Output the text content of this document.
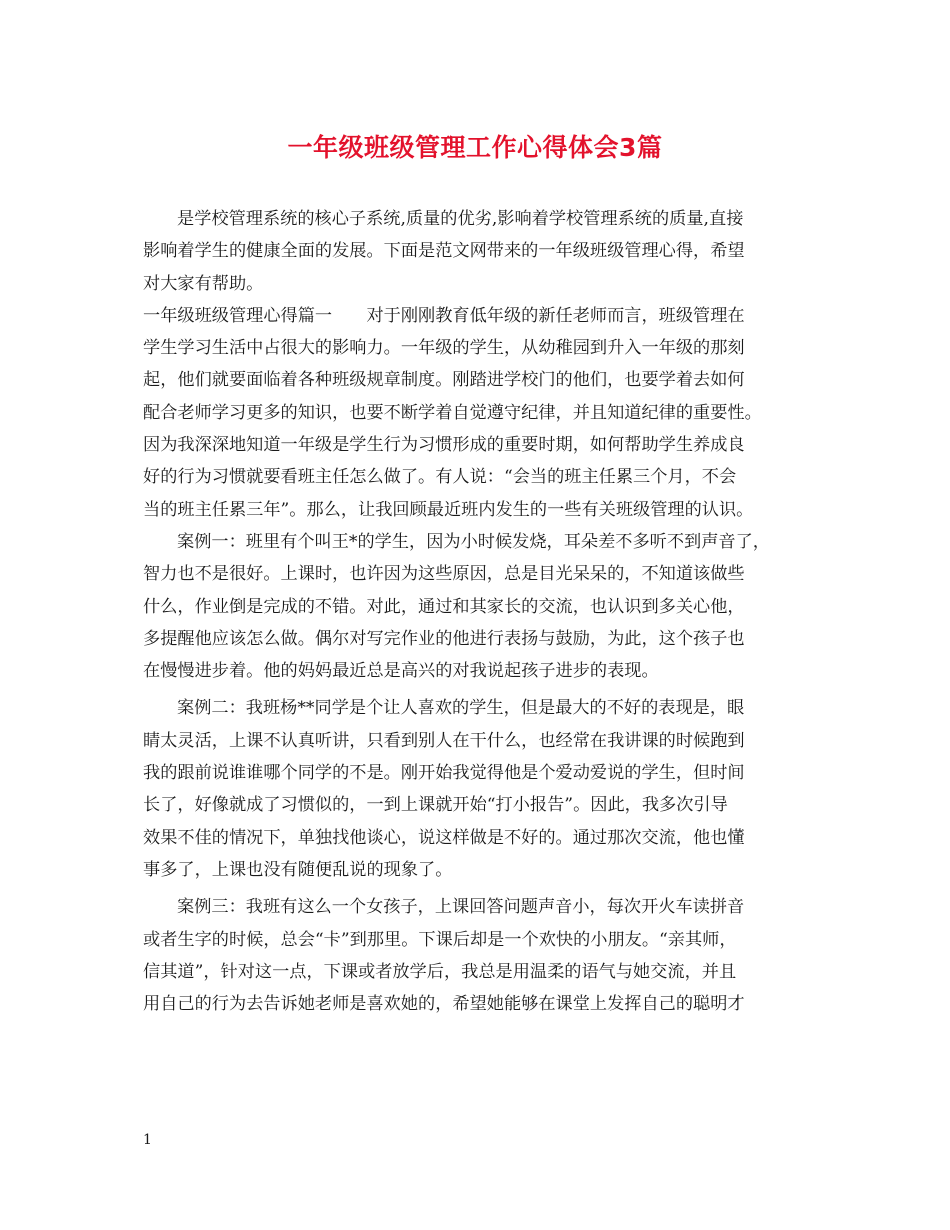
一年级班级管理工作心得体会3篇
是学校管理系统的核心子系统,质量的优劣,影响着学校管理系统的质量,直接
影响着学生的健康全面的发展。下面是范文网带来的一年级班级管理心得，希望
对大家有帮助。
一年级班级管理心得篇一　　对于刚刚教育低年级的新任老师而言，班级管理在
学生学习生活中占很大的影响力。一年级的学生，从幼稚园到升入一年级的那刻
起，他们就要面临着各种班级规章制度。刚踏进学校门的他们，也要学着去如何
配合老师学习更多的知识，也要不断学着自觉遵守纪律，并且知道纪律的重要性。
因为我深深地知道一年级是学生行为习惯形成的重要时期，如何帮助学生养成良
好的行为习惯就要看班主任怎么做了。有人说：“会当的班主任累三个月，不会
当的班主任累三年”。那么，让我回顾最近班内发生的一些有关班级管理的认识。
案例一：班里有个叫王*的学生，因为小时候发烧，耳朵差不多听不到声音了，
智力也不是很好。上课时，也许因为这些原因，总是目光呆呆的，不知道该做些
什么，作业倒是完成的不错。对此，通过和其家长的交流，也认识到多关心他，
多提醒他应该怎么做。偶尔对写完作业的他进行表扬与鼓励，为此，这个孩子也
在慢慢进步着。他的妈妈最近总是高兴的对我说起孩子进步的表现。
案例二：我班杨**同学是个让人喜欢的学生，但是最大的不好的表现是，眼
睛太灵活，上课不认真听讲，只看到别人在干什么，也经常在我讲课的时候跑到
我的跟前说谁谁哪个同学的不是。刚开始我觉得他是个爱动爱说的学生，但时间
长了，好像就成了习惯似的，一到上课就开始“打小报告”。因此，我多次引导
效果不佳的情况下，单独找他谈心，说这样做是不好的。通过那次交流，他也懂
事多了，上课也没有随便乱说的现象了。
案例三：我班有这么一个女孩子，上课回答问题声音小，每次开火车读拼音
或者生字的时候，总会“卡”到那里。下课后却是一个欢快的小朋友。“亲其师，
信其道”，针对这一点，下课或者放学后，我总是用温柔的语气与她交流，并且
用自己的行为去告诉她老师是喜欢她的，希望她能够在课堂上发挥自己的聪明才
1
